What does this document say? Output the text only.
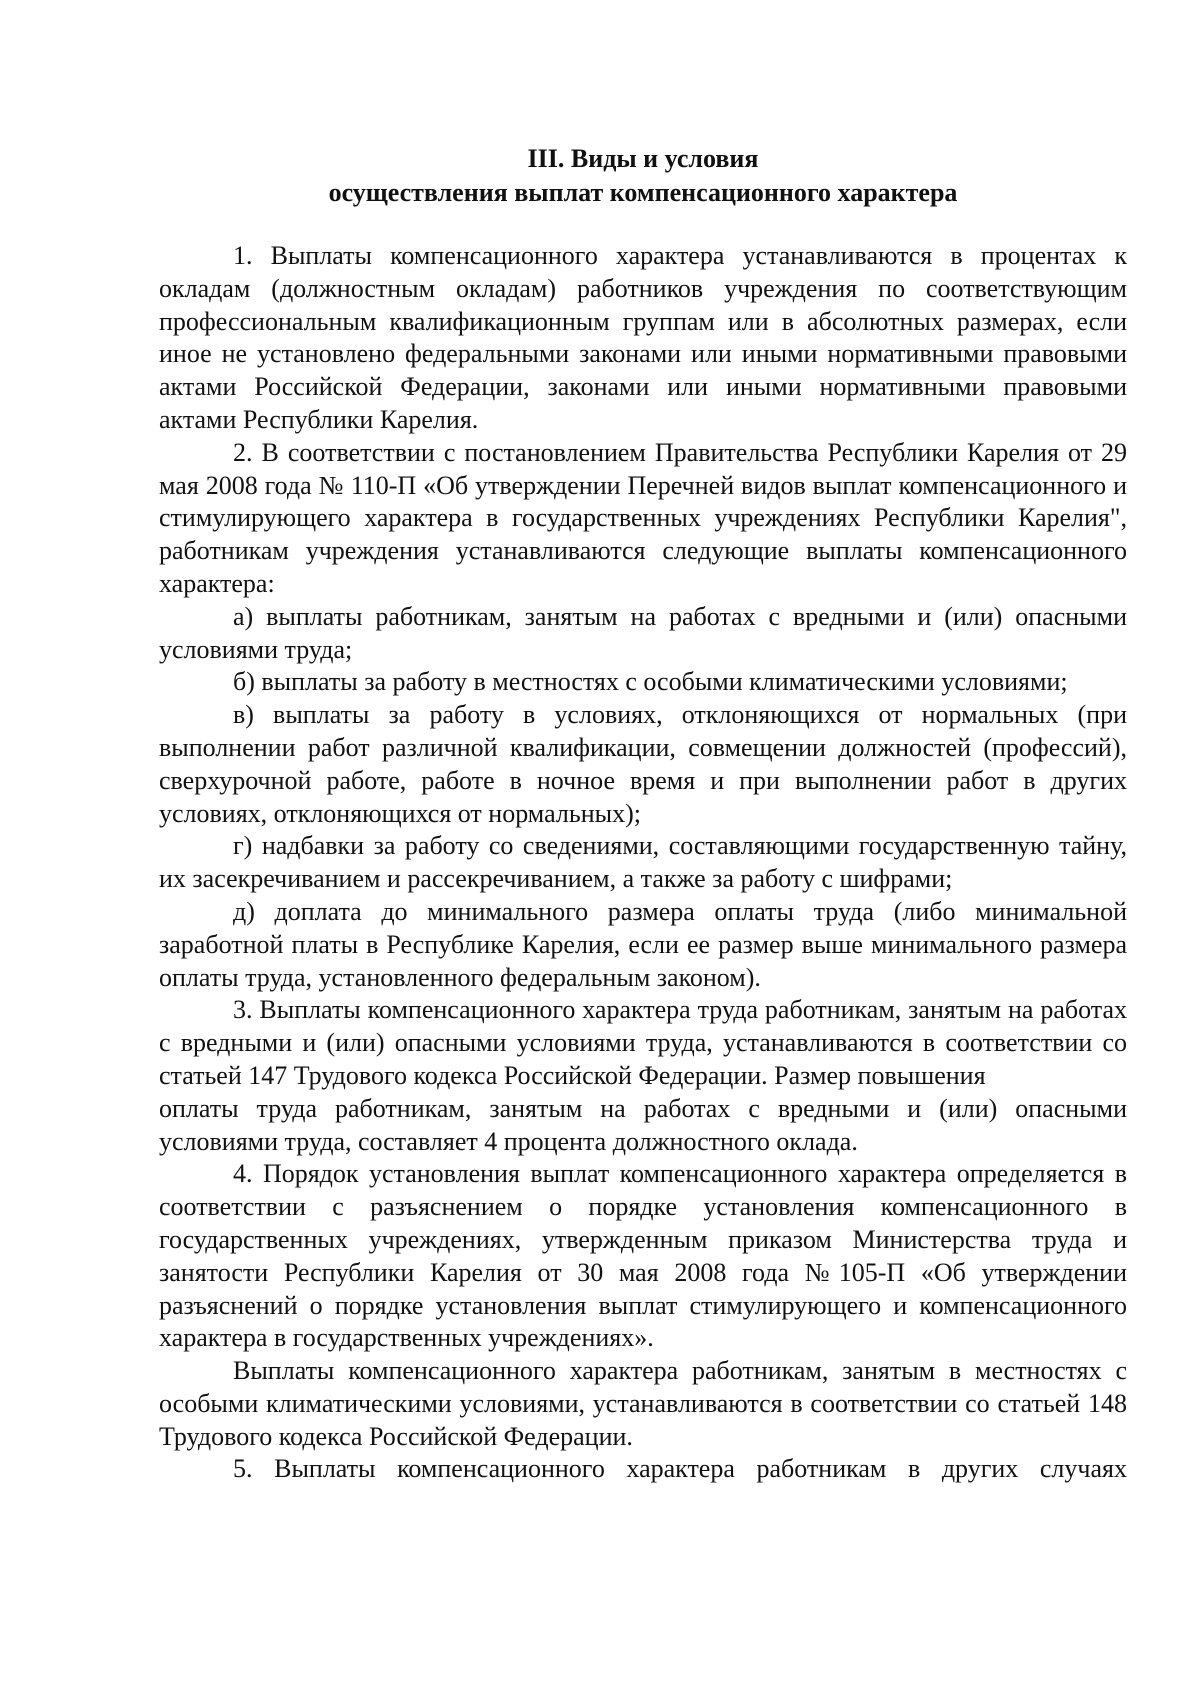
III. Виды и условия
осуществления выплат компенсационного характера

1. Выплаты компенсационного характера устанавливаются в процентах к окладам (должностным окладам) работников учреждения по соответствующим профессиональным квалификационным группам или в абсолютных размерах, если иное не установлено федеральными законами или иными нормативными правовыми актами Российской Федерации, законами или иными нормативными правовыми актами Республики Карелия.

2. В соответствии с постановлением Правительства Республики Карелия от 29 мая 2008 года № 110-П «Об утверждении Перечней видов выплат компенсационного и стимулирующего характера в государственных учреждениях Республики Карелия", работникам учреждения устанавливаются следующие выплаты компенсационного характера:

а) выплаты работникам, занятым на работах с вредными и (или) опасными условиями труда;

б) выплаты за работу в местностях с особыми климатическими условиями;

в) выплаты за работу в условиях, отклоняющихся от нормальных (при выполнении работ различной квалификации, совмещении должностей (профессий), сверхурочной работе, работе в ночное время и при выполнении работ в других условиях, отклоняющихся от нормальных);

г) надбавки за работу со сведениями, составляющими государственную тайну, их засекречиванием и рассекречиванием, а также за работу с шифрами;

д) доплата до минимального размера оплаты труда (либо минимальной заработной платы в Республике Карелия, если ее размер выше минимального размера оплаты труда, установленного федеральным законом).

3. Выплаты компенсационного характера труда работникам, занятым на работах с вредными и (или) опасными условиями труда, устанавливаются в соответствии со статьей 147 Трудового кодекса Российской Федерации. Размер повышения

оплаты труда работникам, занятым на работах с вредными и (или) опасными условиями труда, составляет 4 процента должностного оклада.

4. Порядок установления выплат компенсационного характера определяется в соответствии с разъяснением о порядке установления компенсационного в государственных учреждениях, утвержденным приказом Министерства труда и занятости Республики Карелия от 30 мая 2008 года №105-П «Об утверждении разъяснений о порядке установления выплат стимулирующего и компенсационного характера в государственных учреждениях».

Выплаты компенсационного характера работникам, занятым в местностях с особыми климатическими условиями, устанавливаются в соответствии со статьей 148 Трудового кодекса Российской Федерации.

5. Выплаты компенсационного характера работникам в других случаях
